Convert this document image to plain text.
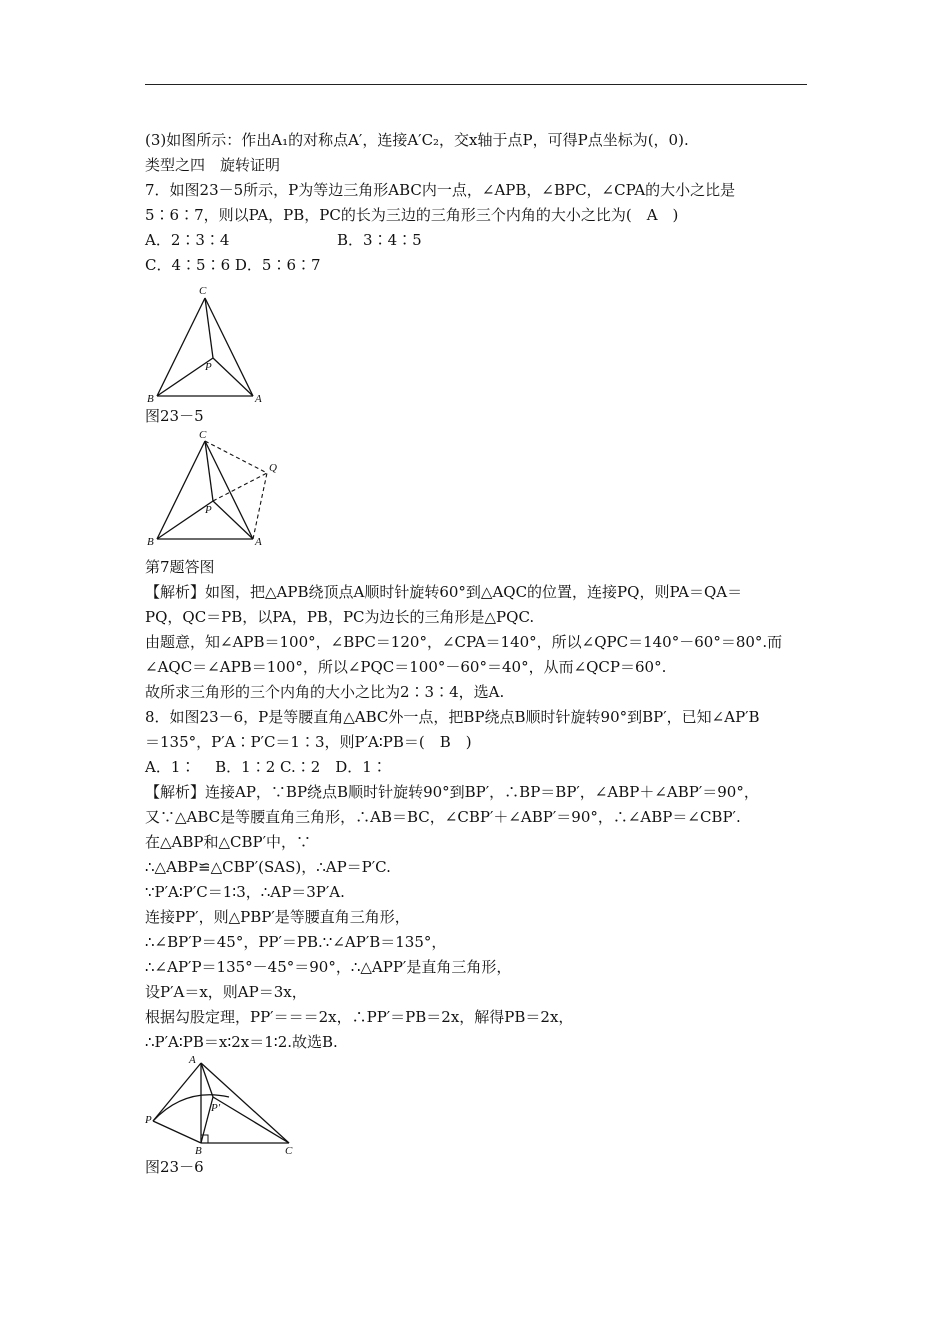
(3)如图所示：作出A₁的对称点A′，连接A′C₂，交x轴于点P，可得P点坐标为(，0).
类型之四　旋转证明
7．如图23－5所示，P为等边三角形ABC内一点，∠APB，∠BPC，∠CPA的大小之比是
5∶6∶7，则以PA，PB，PC的长为三边的三角形三个内角的大小之比为(　A　)
A．2∶3∶4	B．3∶4∶5
C．4∶5∶6 D．5∶6∶7
C
P
B	A
图23－5
C
Q
P
B	A
第7题答图
【解析】如图，把△APB绕顶点A顺时针旋转60°到△AQC的位置，连接PQ，则PA＝QA＝
PQ，QC＝PB，以PA，PB，PC为边长的三角形是△PQC.
由题意，知∠APB＝100°，∠BPC＝120°，∠CPA＝140°，所以∠QPC＝140°－60°＝80°.而
∠AQC＝∠APB＝100°，所以∠PQC＝100°－60°＝40°，从而∠QCP＝60°.
故所求三角形的三个内角的大小之比为2∶3∶4，选A.
8．如图23－6，P是等腰直角△ABC外一点，把BP绕点B顺时针旋转90°到BP′，已知∠AP′B
＝135°，P′A∶P′C＝1∶3，则P′A∶PB＝(　B　)
A．1∶　 B．1∶2 C.∶2　D．1∶
【解析】连接AP，∵BP绕点B顺时针旋转90°到BP′，∴BP＝BP′，∠ABP＋∠ABP′＝90°，
又∵△ABC是等腰直角三角形，∴AB＝BC，∠CBP′＋∠ABP′＝90°，∴∠ABP＝∠CBP′.
在△ABP和△CBP′中，∵
∴△ABP≌△CBP′(SAS)，∴AP＝P′C.
∵P′A∶P′C＝1∶3，∴AP＝3P′A.
连接PP′，则△PBP′是等腰直角三角形，
∴∠BP′P＝45°，PP′＝PB.∵∠AP′B＝135°，
∴∠AP′P＝135°－45°＝90°，∴△APP′是直角三角形，
设P′A＝x，则AP＝3x，
根据勾股定理，PP′＝＝＝2x，∴PP′＝PB＝2x，解得PB＝2x，
∴P′A∶PB＝x∶2x＝1∶2.故选B.
A
P′
P
B	C
图23－6
